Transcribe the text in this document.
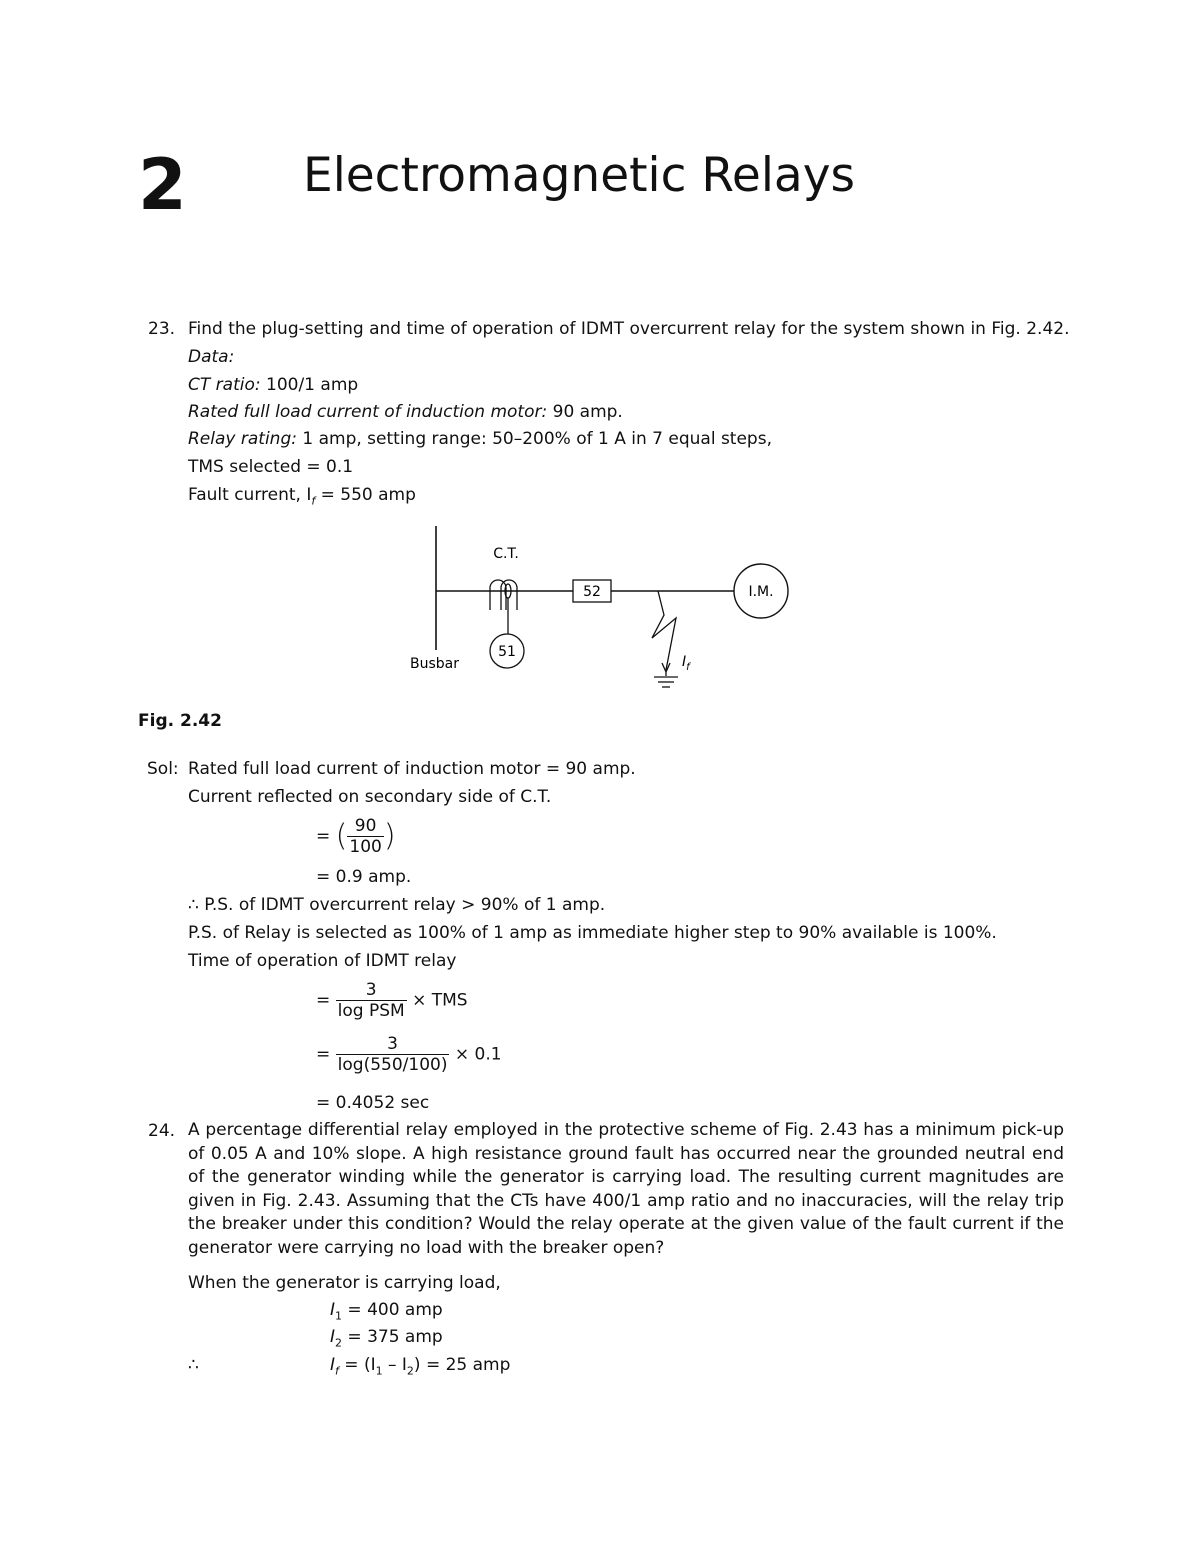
2 Electromagnetic Relays
23. Find the plug-setting and time of operation of IDMT overcurrent relay for the system shown in Fig. 2.42.
Data:
CT ratio: 100/1 amp
Rated full load current of induction motor: 90 amp.
Relay rating: 1 amp, setting range: 50–200% of 1 A in 7 equal steps,
TMS selected = 0.1
Fault current, $I_f = 550$ amp
51
52	I.M.
C.T.
Busbar	$I_f$
Fig. 2.42
Sol: Rated full load current of induction motor = 90 amp.
Current reflected on secondary side of C.T.
= ( $\frac{90}{100}$ )
= 0.9 amp.
∴ P.S. of IDMT overcurrent relay > 90% of 1 amp.
P.S. of Relay is selected as 100% of 1 amp as immediate higher step to 90% available is 100%.
Time of operation of IDMT relay
= $\frac{3}{\text{log PSM}}$ × TMS
= $\frac{3}{\log(550/100)} \times 0.1$
= 0.4052 sec
24. A percentage differential relay employed in the protective scheme of Fig. 2.43 has a minimum pick-up of 0.05 A and 10% slope. A high resistance ground fault has occurred near the grounded neutral end of the generator winding while the generator is carrying load. The resulting current magnitudes are given in Fig. 2.43. Assuming that the CTs have 400/1 amp ratio and no inaccuracies, will the relay trip the breaker under this condition? Would the relay operate at the given value of the fault current if the generator were carrying no load with the breaker open?
When the generator is carrying load,
$I_1 = 400$ amp
$I_2 = 375$ amp
∴	$I_f = (I_1 - I_2) = 25$ amp
